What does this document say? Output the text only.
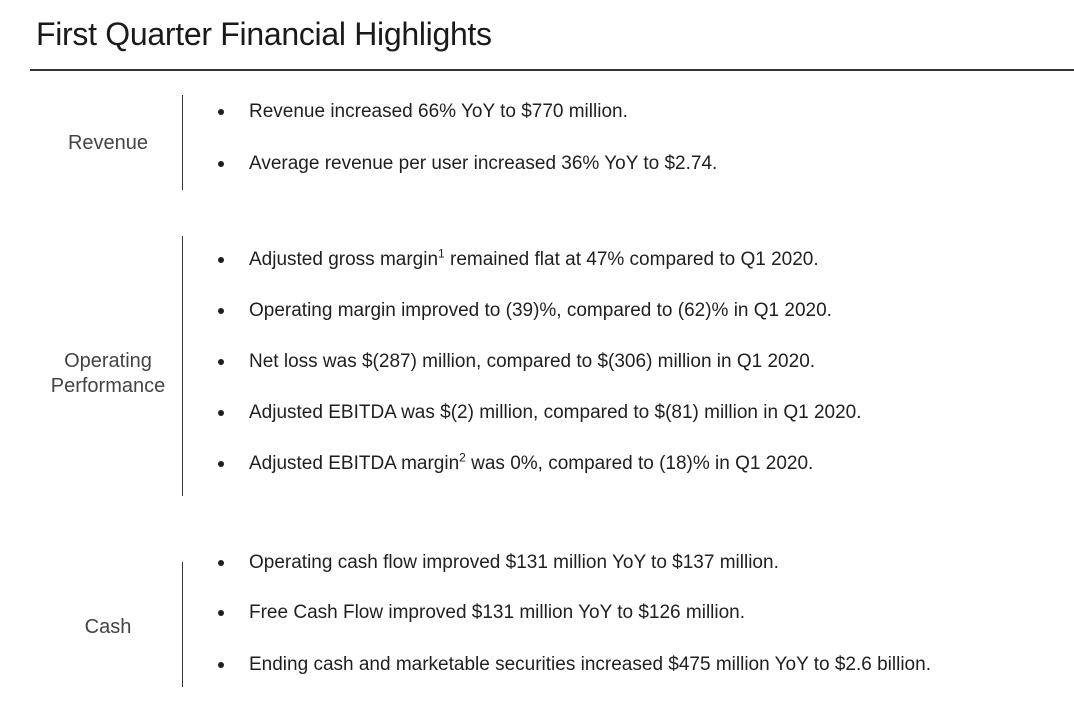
First Quarter Financial Highlights
Revenue
Revenue increased 66% YoY to $770 million.
Average revenue per user increased 36% YoY to $2.74.
Operating
Performance
Adjusted gross margin$^1$ remained flat at 47% compared to Q1 2020.
Operating margin improved to (39)%, compared to (62)% in Q1 2020.
Net loss was $(287) million, compared to $(306) million in Q1 2020.
Adjusted EBITDA was $(2) million, compared to $(81) million in Q1 2020.
Adjusted EBITDA margin$^2$ was 0%, compared to (18)% in Q1 2020.
Cash
Operating cash flow improved $131 million YoY to $137 million.
Free Cash Flow improved $131 million YoY to $126 million.
Ending cash and marketable securities increased $475 million YoY to $2.6 billion.
